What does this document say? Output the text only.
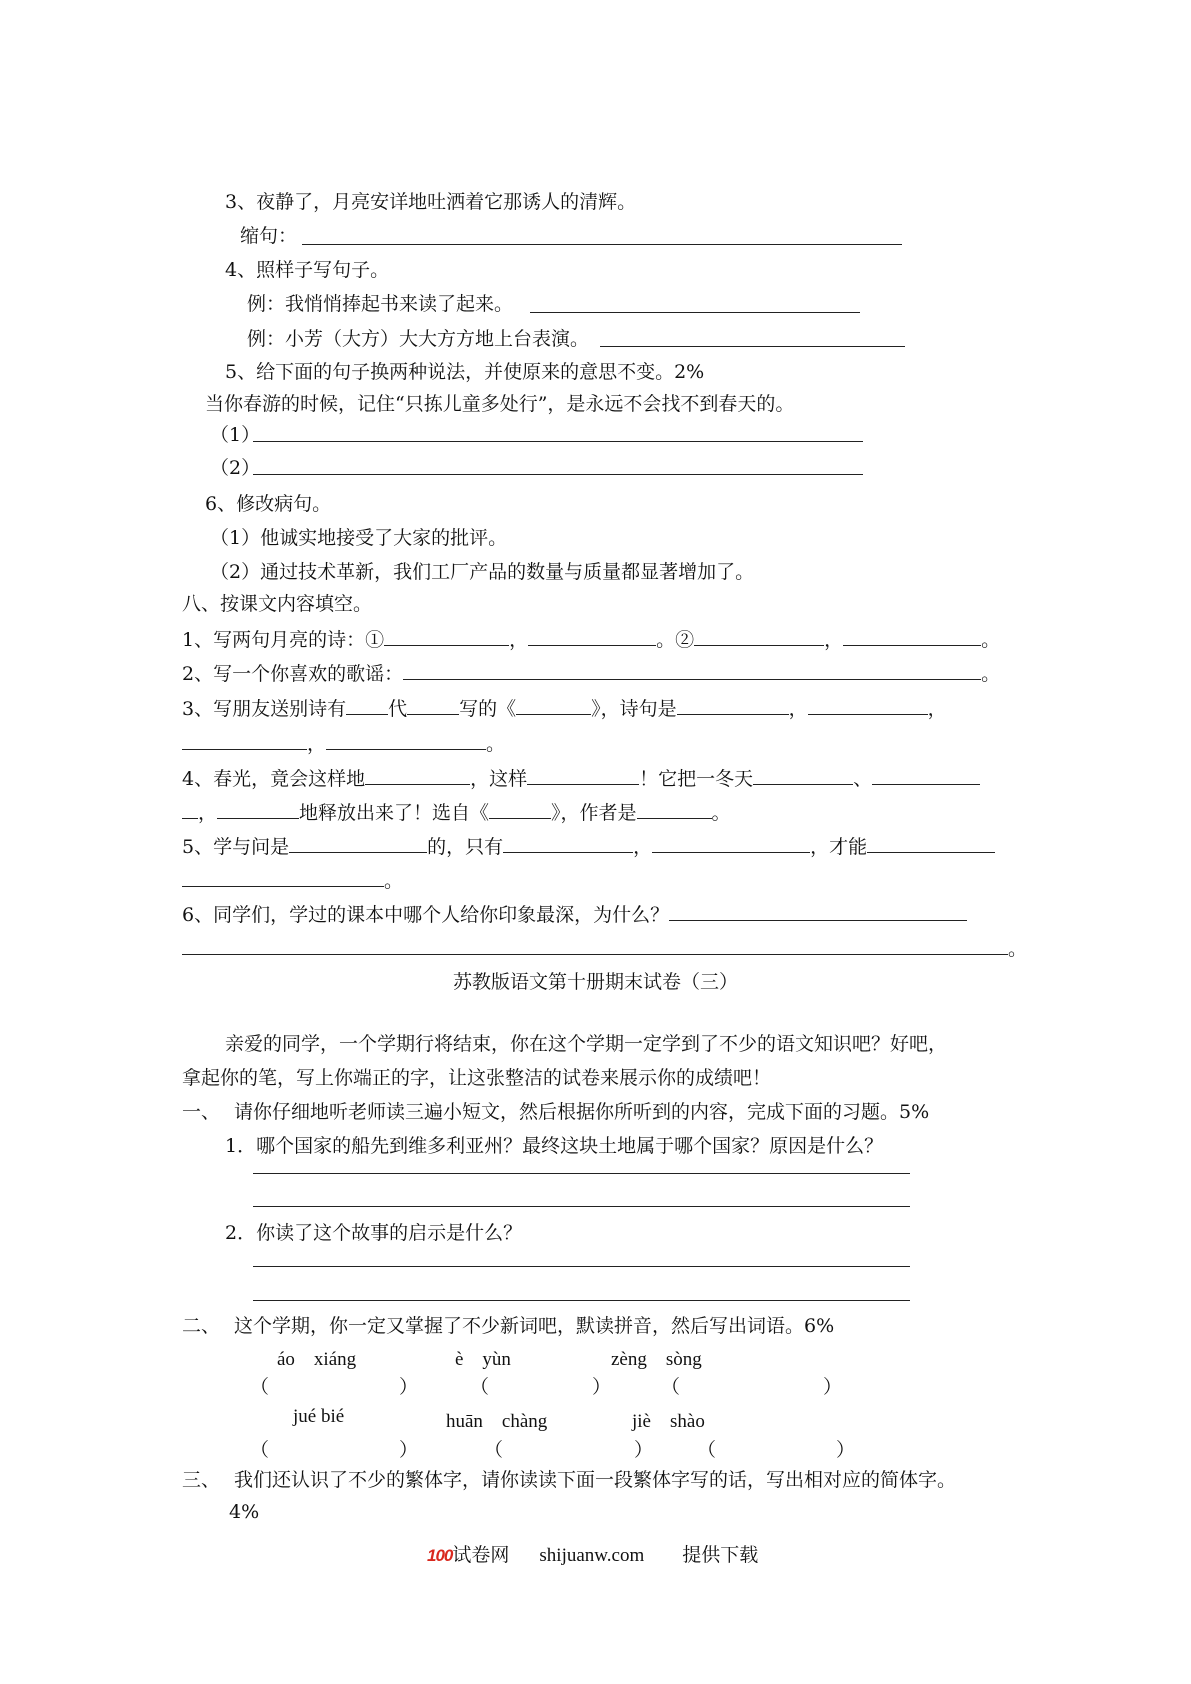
3、夜静了，月亮安详地吐洒着它那诱人的清辉。
缩句：
4、照样子写句子。
例：我悄悄捧起书来读了起来。
例：小芳（大方）大大方方地上台表演。
5、给下面的句子换两种说法，并使原来的意思不变。2%
当你春游的时候，记住“只拣儿童多处行”，是永远不会找不到春天的。
（1）
（2）
6、修改病句。
（1）他诚实地接受了大家的批评。
（2）通过技术革新，我们工厂产品的数量与质量都显著增加了。
八、按课文内容填空。
1、写两句月亮的诗：①	，	。②	，	。
2、写一个你喜欢的歌谣：	。
3、写朋友送别诗有 代	写的《	》，诗句是	，	，
，	。
4、春光，竟会这样地	，这样	！它把一冬天	、
，	地释放出来了！选自《	》，作者是	。
5、学与问是	的，只有	，	，才能
。
6、同学们，学过的课本中哪个人给你印象最深，为什么？
。
苏教版语文第十册期末试卷（三）
亲爱的同学，一个学期行将结束，你在这个学期一定学到了不少的语文知识吧？好吧，
拿起你的笔，写上你端正的字，让这张整洁的试卷来展示你的成绩吧！
一、 请你仔细地听老师读三遍小短文，然后根据你所听到的内容，完成下面的习题。5%
1．哪个国家的船先到维多利亚州？最终这块土地属于哪个国家？原因是什么？
2．你读了这个故事的启示是什么？
二、 这个学期，你一定又掌握了不少新词吧，默读拼音，然后写出词语。6%
áo　xiáng	è　yùn	zèng　sòng
（	）	（	）	（	）
jué bié	huān　chàng	jiè　shào
（	）	（	） （	）
三、 我们还认识了不少的繁体字，请你读读下面一段繁体字写的话，写出相对应的简体字。
4%
100试卷网 shijuanw.com 提供下载
